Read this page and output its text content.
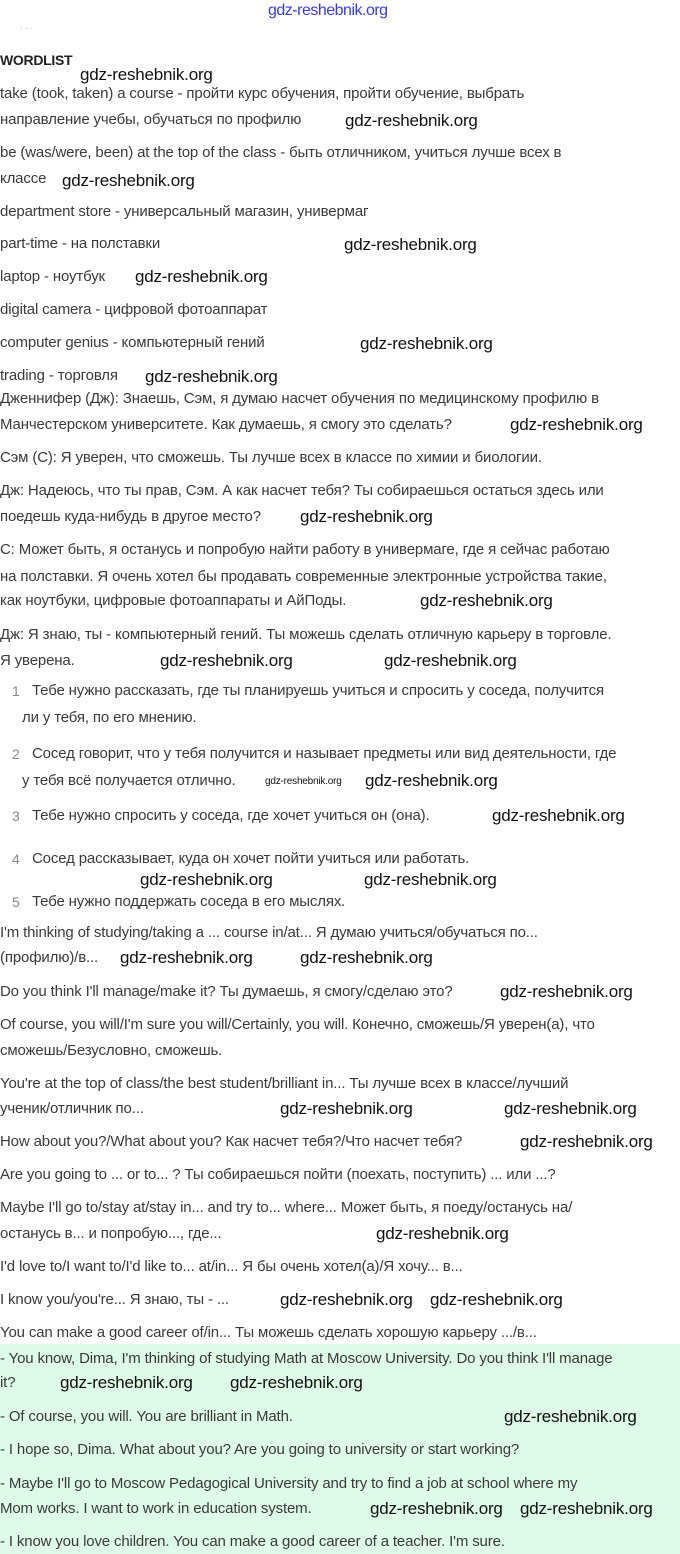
· · ·
WORDLIST
take (took, taken) a course - пройти курс обучения, пройти обучение, выбрать
направление учебы, обучаться по профилю
be (was/were, been) at the top of the class - быть отличником, учиться лучше всех в
классе
department store - универсальный магазин, универмаг
part-time - на полставки
laptop - ноутбук
digital camera - цифровой фотоаппарат
computer genius - компьютерный гений
trading - торговля
Дженнифер (Дж): Знаешь, Сэм, я думаю насчет обучения по медицинскому профилю в
Манчестерском университете. Как думаешь, я смогу это сделать?
Сэм (С): Я уверен, что сможешь. Ты лучше всех в классе по химии и биологии.
Дж: Надеюсь, что ты прав, Сэм. А как насчет тебя? Ты собираешься остаться здесь или
поедешь куда-нибудь в другое место?
С: Может быть, я останусь и попробую найти работу в универмаге, где я сейчас работаю
на полставки. Я очень хотел бы продавать современные электронные устройства такие,
как ноутбуки, цифровые фотоаппараты и АйПоды.
Дж: Я знаю, ты - компьютерный гений. Ты можешь сделать отличную карьеру в торговле.
Я уверена.
1 Тебе нужно рассказать, где ты планируешь учиться и спросить у соседа, получится
ли у тебя, по его мнению.
2 Сосед говорит, что у тебя получится и называет предметы или вид деятельности, где
у тебя всё получается отлично.
3 Тебе нужно спросить у соседа, где хочет учиться он (она).
4 Сосед рассказывает, куда он хочет пойти учиться или работать.
5 Тебе нужно поддержать соседа в его мыслях.
I'm thinking of studying/taking a ... course in/at... Я думаю учиться/обучаться по...
(профилю)/в...
Do you think I'll manage/make it? Ты думаешь, я смогу/сделаю это?
Of course, you will/I'm sure you will/Certainly, you will. Конечно, сможешь/Я уверен(а), что
сможешь/Безусловно, сможешь.
You're at the top of class/the best student/brilliant in... Ты лучше всех в классе/лучший
ученик/отличник по...
How about you?/What about you? Как насчет тебя?/Что насчет тебя?
Are you going to ... or to... ? Ты собираешься пойти (поехать, поступить) ... или ...?
Maybe I'll go to/stay at/stay in... and try to... where... Может быть, я поеду/останусь на/
останусь в... и попробую..., где...
I'd love to/I want to/I'd like to... at/in... Я бы очень хотел(а)/Я хочу... в...
I know you/you're... Я знаю, ты - ...
You can make a good career of/in... Ты можешь сделать хорошую карьеру .../в...
- You know, Dima, I'm thinking of studying Math at Moscow University. Do you think I'll manage
it?
- Of course, you will. You are brilliant in Math.
- I hope so, Dima. What about you? Are you going to university or start working?
- Maybe I'll go to Moscow Pedagogical University and try to find a job at school where my
Mom works. I want to work in education system.
- I know you love children. You can make a good career of a teacher. I'm sure.
gdz-reshebnik.org
gdz-reshebnik.org
gdz-reshebnik.org
gdz-reshebnik.org
gdz-reshebnik.org
gdz-reshebnik.org
gdz-reshebnik.org
gdz-reshebnik.org
gdz-reshebnik.org
gdz-reshebnik.org
gdz-reshebnik.org
gdz-reshebnik.org	gdz-reshebnik.org
gdz-reshebnik.org
gdz-reshebnik.org
gdz-reshebnik.org
gdz-reshebnik.org	gdz-reshebnik.org
gdz-reshebnik.org	gdz-reshebnik.org
gdz-reshebnik.org
gdz-reshebnik.org	gdz-reshebnik.org
gdz-reshebnik.org
gdz-reshebnik.org
gdz-reshebnik.org gdz-reshebnik.org
gdz-reshebnik.org
gdz-reshebnik.org
gdz-reshebnik.org
gdz-reshebnik.org gdz-reshebnik.org
